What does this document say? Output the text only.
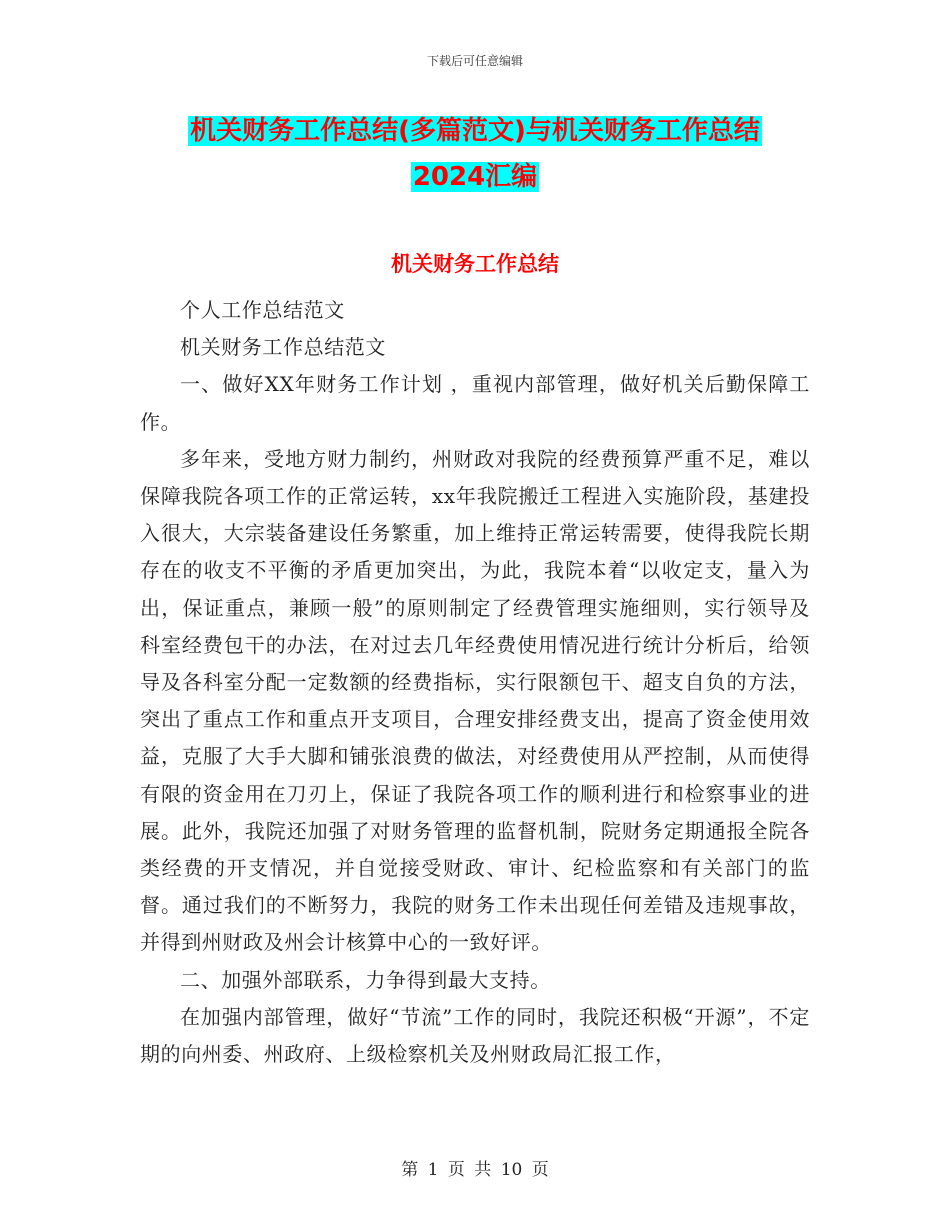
下载后可任意编辑
机关财务工作总结(多篇范文)与机关财务工作总结
2024汇编
机关财务工作总结

个人工作总结范文

机关财务工作总结范文

一、做好XX年财务工作计划 ，重视内部管理，做好机关后勤保障工作。

多年来，受地方财力制约，州财政对我院的经费预算严重不足，难以保障我院各项工作的正常运转，xx年我院搬迁工程进入实施阶段，基建投入很大，大宗装备建设任务繁重，加上维持正常运转需要，使得我院长期存在的收支不平衡的矛盾更加突出，为此，我院本着“以收定支，量入为出，保证重点，兼顾一般”的原则制定了经费管理实施细则，实行领导及科室经费包干的办法，在对过去几年经费使用情况进行统计分析后，给领导及各科室分配一定数额的经费指标，实行限额包干、超支自负的方法，突出了重点工作和重点开支项目，合理安排经费支出，提高了资金使用效益，克服了大手大脚和铺张浪费的做法，对经费使用从严控制，从而使得有限的资金用在刀刃上，保证了我院各项工作的顺利进行和检察事业的进展。此外，我院还加强了对财务管理的监督机制，院财务定期通报全院各类经费的开支情况，并自觉接受财政、审计、纪检监察和有关部门的监督。通过我们的不断努力，我院的财务工作未出现任何差错及违规事故，并得到州财政及州会计核算中心的一致好评。

二、加强外部联系，力争得到最大支持。

在加强内部管理，做好“节流”工作的同时，我院还积极“开源”，不定期的向州委、州政府、上级检察机关及州财政局汇报工作，

第 1 页 共 10 页
